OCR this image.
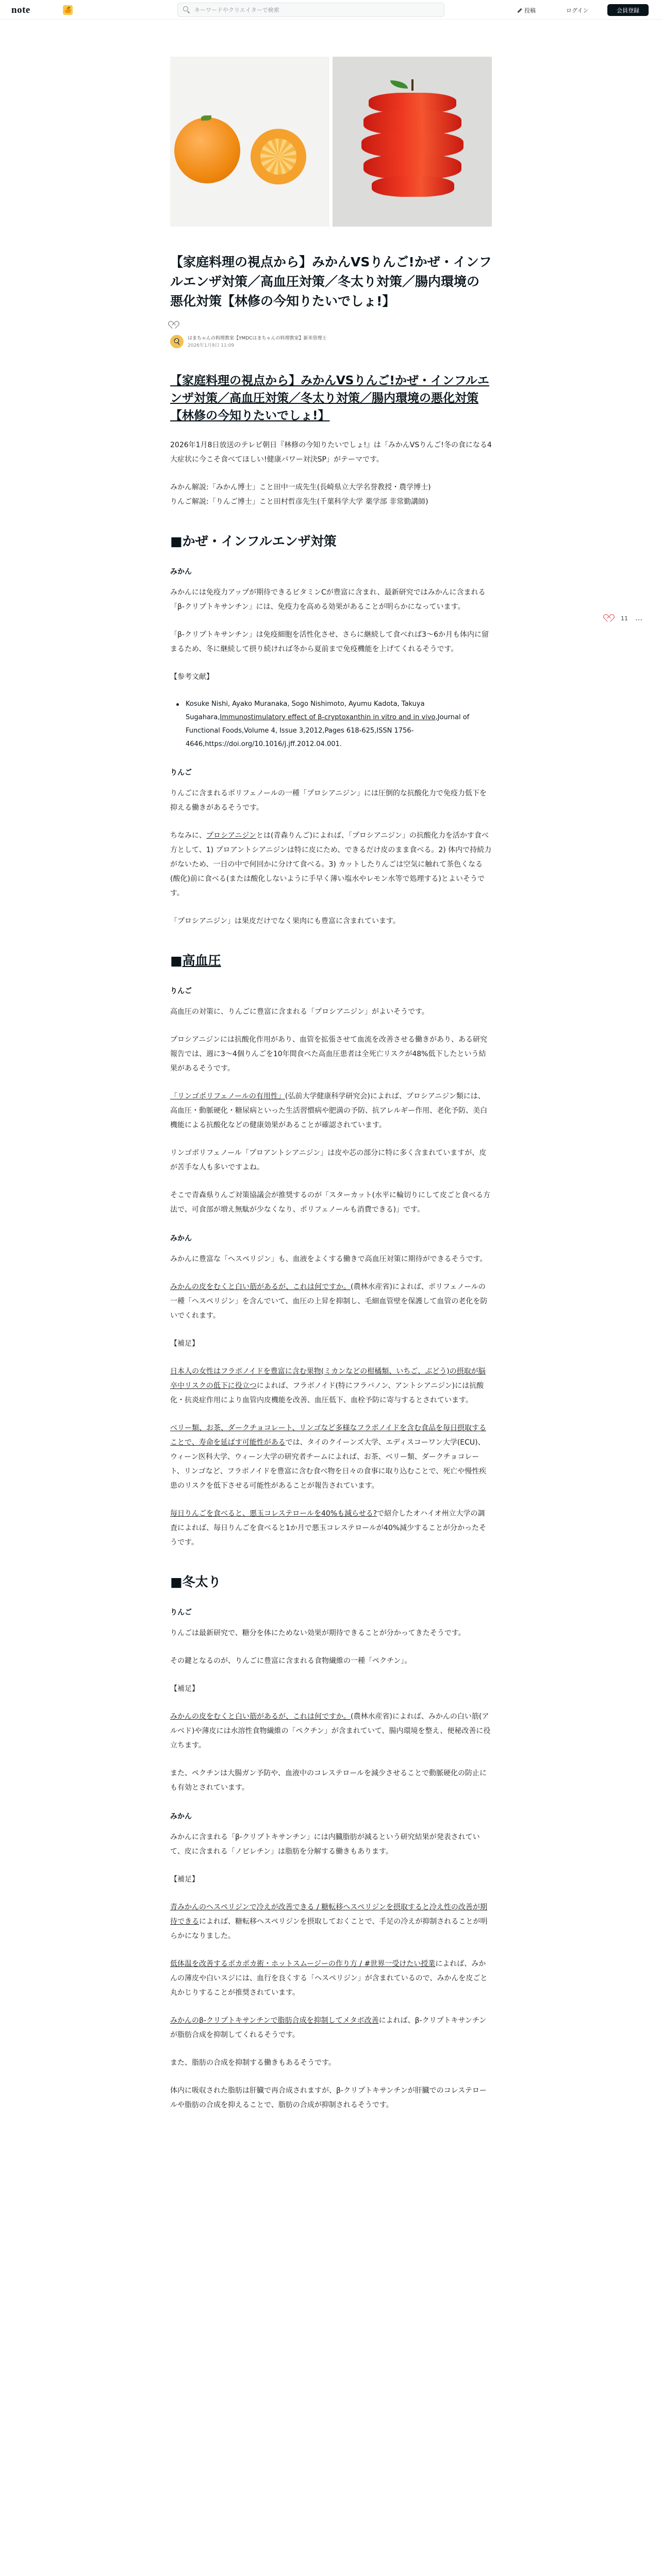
note	🍊
キーワードやクリエイターで検索	投稿	ログイン	会員登録
11 …
【家庭料理の視点から】みかんVSりんご!かぜ・インフルエンザ対策／高血圧対策／冬太り対策／腸内環境の悪化対策【林修の今知りたいでしょ!】
🍳	はまちゃんの料理教室【YMDCはまちゃんの料理教室】新米管理士
2026年1月9日 11:09
【家庭料理の視点から】みかんVSりんご!かぜ・インフルエンザ対策／高血圧対策／冬太り対策／腸内環境の悪化対策【林修の今知りたいでしょ!】

2026年1月8日放送のテレビ朝日『林修の今知りたいでしょ!』は「みかんVSりんご!冬の食になる4大症状に今こそ食べてほしい!健康パワー対決SP」がテーマです。

みかん解説:「みかん博士」こと田中一成先生(長崎県立大学名誉教授・農学博士)

りんご解説:「りんご博士」こと田村哲彦先生(千葉科学大学 薬学部 非常勤講師)

■かぜ・インフルエンザ対策
みかん

みかんには免疫力アップが期待できるビタミンCが豊富に含まれ、最新研究ではみかんに含まれる「β-クリプトキサンチン」には、免疫力を高める効果があることが明らかになっています。

「β-クリプトキサンチン」は免疫細胞を活性化させ、さらに継続して食べれば3〜6か月も体内に留まるため、冬に継続して摂り続ければ冬から夏前まで免疫機能を上げてくれるそうです。

【参考文献】

Kosuke Nishi, Ayako Muranaka, Sogo Nishimoto, Ayumu Kadota, Takuya Sugahara,Immunostimulatory effect of β-cryptoxanthin in vitro and in vivo,Journal of Functional Foods,Volume 4, Issue 3,2012,Pages 618-625,ISSN 1756-4646,https://doi.org/10.1016/j.jff.2012.04.001.
りんご

りんごに含まれるポリフェノールの一種「プロシアニジン」には圧倒的な抗酸化力で免疫力低下を抑える働きがあるそうです。

ちなみに、プロシアニジンとは(青森りんご)によれば、「プロシアニジン」の抗酸化力を活かす食べ方として、1) プロアントシアニジンは特に皮にため、できるだけ皮のまま食べる。2) 体内で持続力がないため、一日の中で何回かに分けて食べる。3) カットしたりんごは空気に触れて茶色くなる(酸化)前に食べる(または酸化しないように手早く薄い塩水やレモン水等で処理する)とよいそうです。

「プロシアニジン」は果皮だけでなく果肉にも豊富に含まれています。

■高血圧
りんご

高血圧の対策に、りんごに豊富に含まれる「プロシアニジン」がよいそうです。

プロシアニジンには抗酸化作用があり、血管を拡張させて血流を改善させる働きがあり、ある研究報告では、週に3〜4個りんごを10年間食べた高血圧患者は全死亡リスクが48%低下したという結果があるそうです。

「リンゴポリフェノールの有用性」(弘前大学健康科学研究会)によれば、プロシアニジン類には、高血圧・動脈硬化・糖尿病といった生活習慣病や肥満の予防、抗アレルギー作用、老化予防、美白機能による抗酸化などの健康効果があることが確認されています。

リンゴポリフェノール「プロアントシアニジン」は皮や芯の部分に特に多く含まれていますが、皮が苦手な人も多いですよね。

そこで青森県りんご対策協議会が推奨するのが「スターカット(水平に輪切りにして皮ごと食べる方法で、可食部が増え無駄が少なくなり、ポリフェノールも消費できる)」です。

みかん

みかんに豊富な「ヘスペリジン」も、血液をよくする働きで高血圧対策に期待ができるそうです。

みかんの皮をむくと白い筋があるが、これは何ですか。(農林水産省)によれば、ポリフェノールの一種「ヘスペリジン」を含んでいて、血圧の上昇を抑制し、毛細血管壁を保護して血管の老化を防いでくれます。

【補足】

日本人の女性はフラボノイドを豊富に含む果物(ミカンなどの柑橘類、いちご、ぶどう)の摂取が脳卒中リスクの低下に役立つによれば、フラボノイド(特にフラバノン、アントシアニジン)には抗酸化・抗炎症作用により血管内皮機能を改善、血圧低下、血栓予防に寄与するとされています。

ベリー類、お茶、ダークチョコレート、リンゴなど多様なフラボノイドを含む食品を毎日摂取することで、寿命を延ばす可能性があるでは、タイのクイーンズ大学、エディスコーワン大学(ECU)、ウィーン医科大学、ウィーン大学の研究者チームによれば、お茶、ベリー類、ダークチョコレート、リンゴなど、フラボノイドを豊富に含む食べ物を日々の食事に取り込むことで、死亡や慢性疾患のリスクを低下させる可能性があることが報告されています。

毎日りんごを食べると、悪玉コレステロールを40%も減らせる?で紹介したオハイオ州立大学の調査によれば、毎日りんごを食べると1か月で悪玉コレステロールが40%減少することが分かったそうです。

■冬太り
りんご

りんごは最新研究で、糖分を体にためない効果が期待できることが分かってきたそうです。

その鍵となるのが、りんごに豊富に含まれる食物繊維の一種「ペクチン」。

【補足】

みかんの皮をむくと白い筋があるが、これは何ですか。(農林水産省)によれば、みかんの白い筋(アルベド)や薄皮には水溶性食物繊維の「ペクチン」が含まれていて、腸内環境を整え、便秘改善に役立ちます。

また、ペクチンは大腸ガン予防や、血液中のコレステロールを減少させることで動脈硬化の防止にも有効とされています。

みかん

みかんに含まれる「β-クリプトキサンチン」には内臓脂肪が減るという研究結果が発表されていて、皮に含まれる「ノビレチン」は脂肪を分解する働きもあります。

【補足】

青みかんのヘスペリジンで冷えが改善できる / 糖転移ヘスペリジンを摂取すると冷え性の改善が期待できるによれば、糖転移ヘスペリジンを摂取しておくことで、手足の冷えが抑制されることが明らかになりました。

低体温を改善するポカポカ術・ホットスムージーの作り方 / #世界一受けたい授業によれば、みかんの薄皮や白いスジには、血行を良くする「ヘスペリジン」が含まれているので、みかんを皮ごと丸かじりすることが推奨されています。

みかんのβ-クリプトキサンチンで脂肪合成を抑制してメタボ改善によれば、β-クリプトキサンチンが脂肪合成を抑制してくれるそうです。

また、脂肪の合成を抑制する働きもあるそうです。

体内に吸収された脂肪は肝臓で再合成されますが、β-クリプトキサンチンが肝臓でのコレステロールや脂肪の合成を抑えることで、脂肪の合成が抑制されるそうです。
